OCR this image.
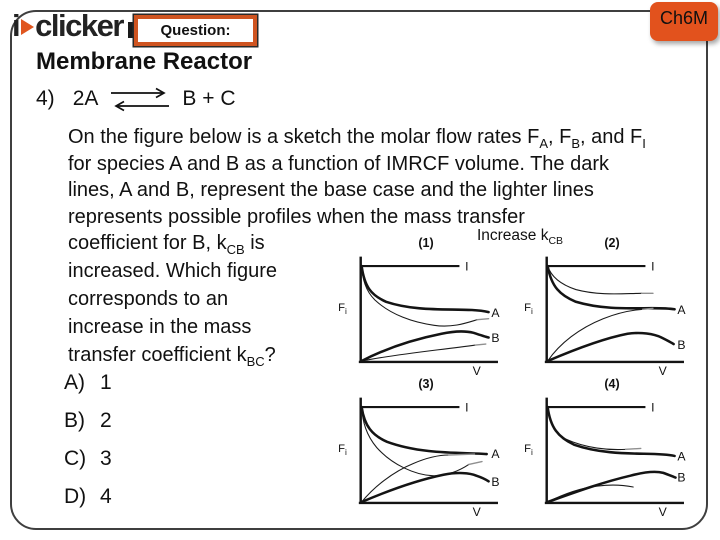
i clicker	Question:
Ch6M
Membrane Reactor
4) 2A ⇌ B + C
On the figure below is a sketch the molar flow rates $F_A$, $F_B$, and $F_I$
for species A and B as a function of IMRCF volume. The dark
lines, A and B, represent the base case and the lighter lines
represents possible profiles when the mass transfer
coefficient for B, $k_{CB}$ is
increased. Which figure
corresponds to an
increase in the mass
transfer coefficient $k_{BC}$?
A) 1
B) 2
C) 3
D) 4
Increase $k_{CB}$
(1)
I
A
B
$F_i$
V
(2)
I
A
B
$F_i$
V
(3)
I
A
B
$F_i$
V
(4)
I
A
B
$F_i$
V
